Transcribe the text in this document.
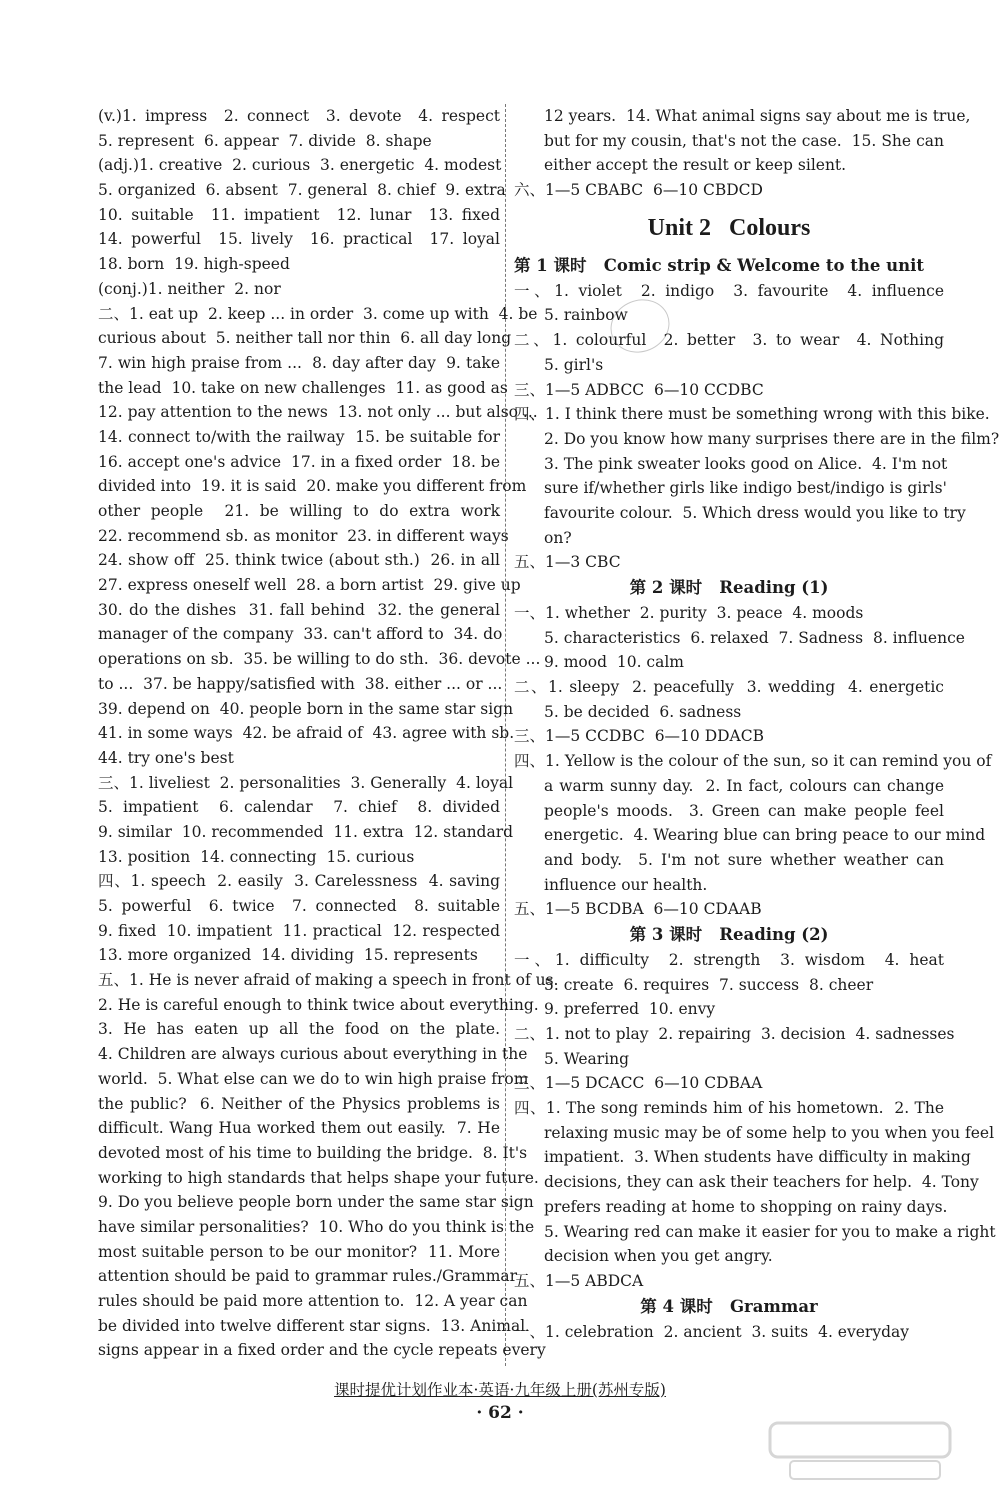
(v.)1. impress  2. connect  3. devote  4. respect
5. represent  6. appear  7. divide  8. shape
(adj.)1. creative  2. curious  3. energetic  4. modest
5. organized  6. absent  7. general  8. chief  9. extra
10. suitable  11. impatient  12. lunar  13. fixed
14. powerful  15. lively  16. practical  17. loyal
18. born  19. high-speed
(conj.)1. neither  2. nor
二、1. eat up  2. keep ... in order  3. come up with  4. be
curious about  5. neither tall nor thin  6. all day long
7. win high praise from ...  8. day after day  9. take
the lead  10. take on new challenges  11. as good as
12. pay attention to the news  13. not only ... but also ...
14. connect to/with the railway  15. be suitable for
16. accept one's advice  17. in a fixed order  18. be
divided into  19. it is said  20. make you different from
other people  21. be willing to do extra work
22. recommend sb. as monitor  23. in different ways
24. show off  25. think twice (about sth.)  26. in all
27. express oneself well  28. a born artist  29. give up
30. do the dishes  31. fall behind  32. the general
manager of the company  33. can't afford to  34. do
operations on sb.  35. be willing to do sth.  36. devote ...
to ...  37. be happy/satisfied with  38. either ... or ...
39. depend on  40. people born in the same star sign
41. in some ways  42. be afraid of  43. agree with sb.
44. try one's best
三、1. liveliest  2. personalities  3. Generally  4. loyal
5. impatient  6. calendar  7. chief  8. divided
9. similar  10. recommended  11. extra  12. standard
13. position  14. connecting  15. curious
四、1. speech  2. easily  3. Carelessness  4. saving
5. powerful  6. twice  7. connected  8. suitable
9. fixed  10. impatient  11. practical  12. respected
13. more organized  14. dividing  15. represents
五、1. He is never afraid of making a speech in front of us.
2. He is careful enough to think twice about everything.
3. He has eaten up all the food on the plate.
4. Children are always curious about everything in the
world.  5. What else can we do to win high praise from
the public?  6. Neither of the Physics problems is
difficult. Wang Hua worked them out easily.  7. He
devoted most of his time to building the bridge.  8. It's
working to high standards that helps shape your future.
9. Do you believe people born under the same star sign
have similar personalities?  10. Who do you think is the
most suitable person to be our monitor?  11. More
attention should be paid to grammar rules./Grammar
rules should be paid more attention to.  12. A year can
be divided into twelve different star signs.  13. Animal
signs appear in a fixed order and the cycle repeats every
12 years.  14. What animal signs say about me is true,
but for my cousin, that's not the case.  15. She can
either accept the result or keep silent.
六、1—5 CBABC  6—10 CBDCD
Unit 2   Colours
第 1 课时   Comic strip & Welcome to the unit
一、1. violet  2. indigo  3. favourite  4. influence
5. rainbow
二、1. colourful  2. better  3. to wear  4. Nothing
5. girl's
三、1—5 ADBCC  6—10 CCDBC
四、1. I think there must be something wrong with this bike.
2. Do you know how many surprises there are in the film?
3. The pink sweater looks good on Alice.  4. I'm not
sure if/whether girls like indigo best/indigo is girls'
favourite colour.  5. Which dress would you like to try
on?
五、1—3 CBC
第 2 课时   Reading (1)
一、1. whether  2. purity  3. peace  4. moods
5. characteristics  6. relaxed  7. Sadness  8. influence
9. mood  10. calm
二、1. sleepy  2. peacefully  3. wedding  4. energetic
5. be decided  6. sadness
三、1—5 CCDBC  6—10 DDACB
四、1. Yellow is the colour of the sun, so it can remind you of
a warm sunny day.  2. In fact, colours can change
people's moods.  3. Green can make people feel
energetic.  4. Wearing blue can bring peace to our mind
and body.  5. I'm not sure whether weather can
influence our health.
五、1—5 BCDBA  6—10 CDAAB
第 3 课时   Reading (2)
一、1. difficulty  2. strength  3. wisdom  4. heat
5. create  6. requires  7. success  8. cheer
9. preferred  10. envy
二、1. not to play  2. repairing  3. decision  4. sadnesses
5. Wearing
三、1—5 DCACC  6—10 CDBAA
四、1. The song reminds him of his hometown.  2. The
relaxing music may be of some help to you when you feel
impatient.  3. When students have difficulty in making
decisions, they can ask their teachers for help.  4. Tony
prefers reading at home to shopping on rainy days.
5. Wearing red can make it easier for you to make a right
decision when you get angry.
五、1—5 ABDCA
第 4 课时   Grammar
一、1. celebration  2. ancient  3. suits  4. everyday
课时提优计划作业本·英语·九年级上册(苏州专版)
· 62 ·
